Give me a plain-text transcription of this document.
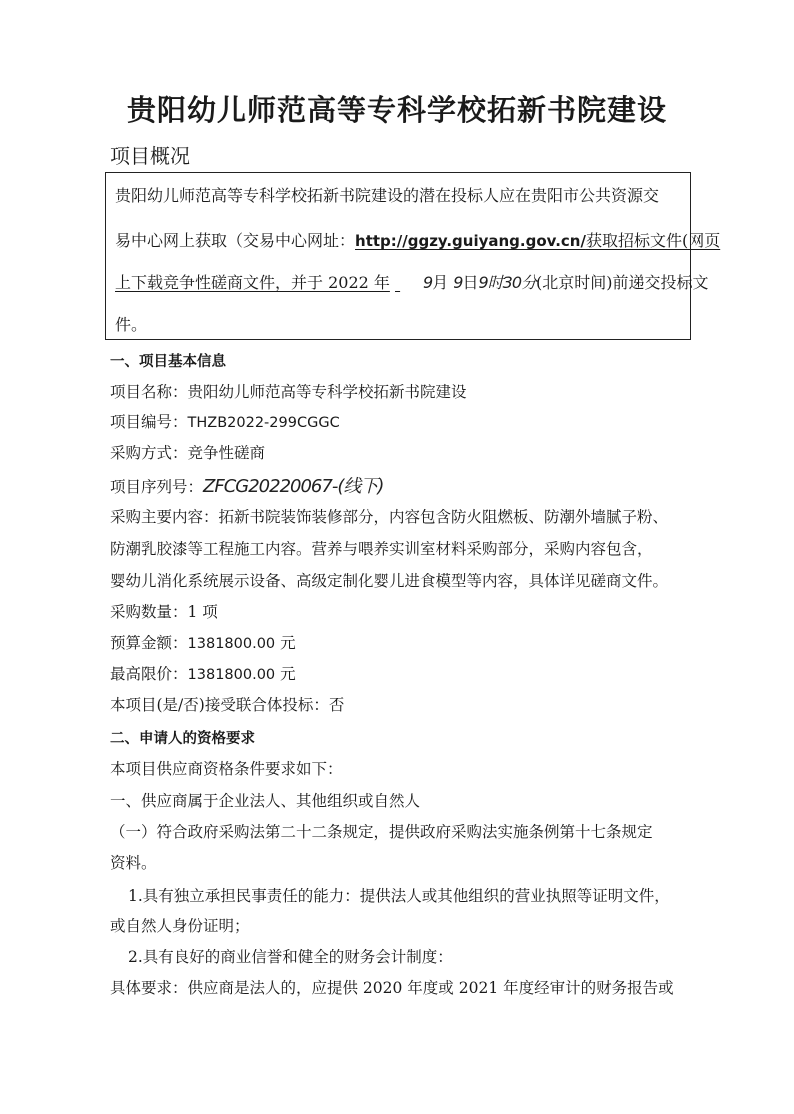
贵阳幼儿师范高等专科学校拓新书院建设
项目概况
贵阳幼儿师范高等专科学校拓新书院建设的潜在投标人应在贵阳市公共资源交
易中心网上获取（交易中心网址：http://ggzy.guiyang.gov.cn/获取招标文件(网页
上下载竞争性磋商文件，并于 2022 年 9月 9日9时30分(北京时间)前递交投标文
件。
一、项目基本信息
项目名称：贵阳幼儿师范高等专科学校拓新书院建设
项目编号：THZB2022-299CGGC
采购方式：竞争性磋商
项目序列号：ZFCG20220067-(线下)
采购主要内容：拓新书院装饰装修部分，内容包含防火阻燃板、防潮外墙腻子粉、
防潮乳胶漆等工程施工内容。营养与喂养实训室材料采购部分，采购内容包含，
婴幼儿消化系统展示设备、高级定制化婴儿进食模型等内容，具体详见磋商文件。
采购数量：1 项
预算金额：1381800.00 元
最高限价：1381800.00 元
本项目(是/否)接受联合体投标：否
二、申请人的资格要求
本项目供应商资格条件要求如下：
一、供应商属于企业法人、其他组织或自然人
（一）符合政府采购法第二十二条规定，提供政府采购法实施条例第十七条规定
资料。
1.具有独立承担民事责任的能力：提供法人或其他组织的营业执照等证明文件，
或自然人身份证明；
2.具有良好的商业信誉和健全的财务会计制度：
具体要求：供应商是法人的，应提供 2020 年度或 2021 年度经审计的财务报告或
